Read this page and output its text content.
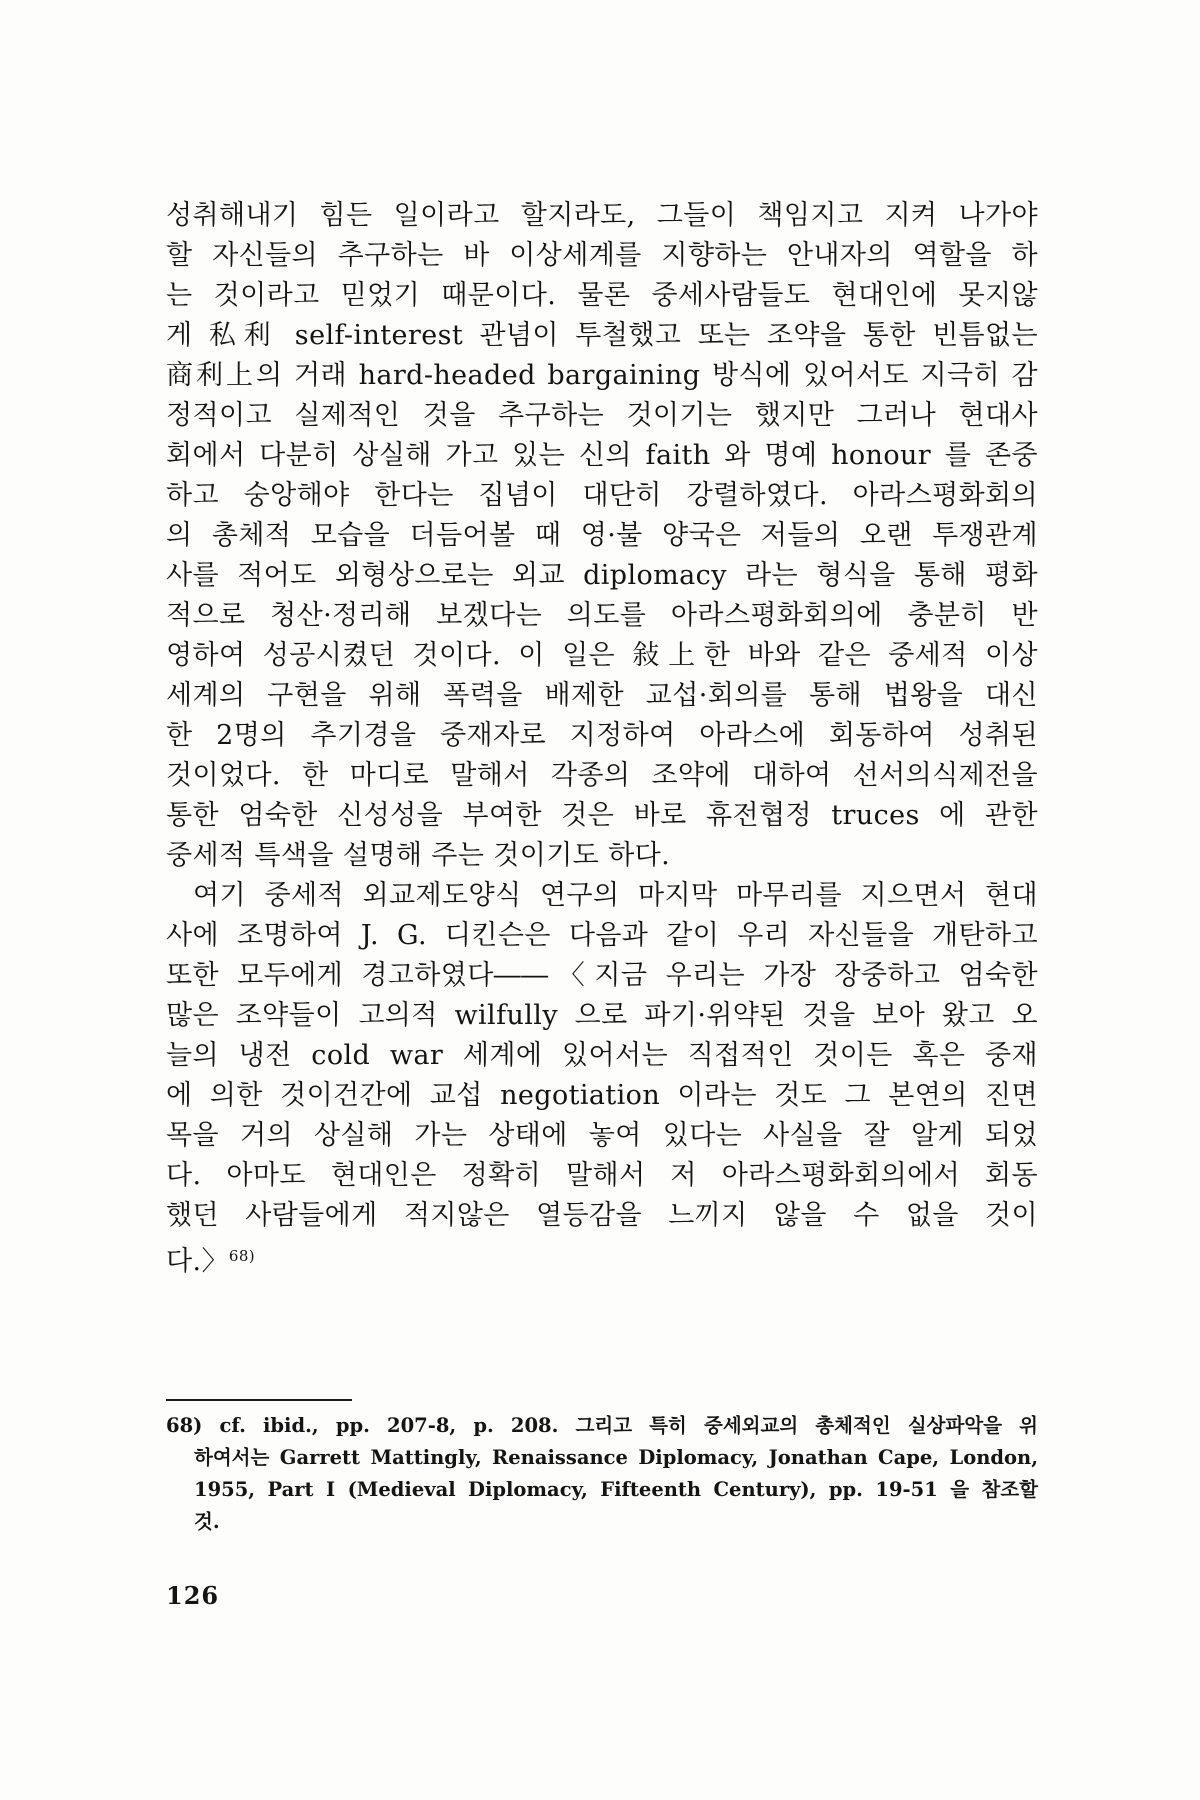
성취해내기 힘든 일이라고 할지라도, 그들이 책임지고 지켜 나가야
할 자신들의 추구하는 바 이상세계를 지향하는 안내자의 역할을 하
는 것이라고 믿었기 때문이다. 물론 중세사람들도 현대인에 못지않
게 私利 self-interest 관념이 투철했고 또는 조약을 통한 빈틈없는
商利上의 거래 hard-headed bargaining 방식에 있어서도 지극히 감
정적이고 실제적인 것을 추구하는 것이기는 했지만 그러나 현대사
회에서 다분히 상실해 가고 있는 신의 faith 와 명예 honour 를 존중
하고 숭앙해야 한다는 집념이 대단히 강렬하였다. 아라스평화회의
의 총체적 모습을 더듬어볼 때 영·불 양국은 저들의 오랜 투쟁관계
사를 적어도 외형상으로는 외교 diplomacy 라는 형식을 통해 평화
적으로 청산·정리해 보겠다는 의도를 아라스평화회의에 충분히 반
영하여 성공시켰던 것이다. 이 일은 敍上한 바와 같은 중세적 이상
세계의 구현을 위해 폭력을 배제한 교섭·회의를 통해 법왕을 대신
한 2명의 추기경을 중재자로 지정하여 아라스에 회동하여 성취된
것이었다. 한 마디로 말해서 각종의 조약에 대하여 선서의식제전을
통한 엄숙한 신성성을 부여한 것은 바로 휴전협정 truces 에 관한
중세적 특색을 설명해 주는 것이기도 하다.
여기 중세적 외교제도양식 연구의 마지막 마무리를 지으면서 현대
사에 조명하여 J. G. 디킨슨은 다음과 같이 우리 자신들을 개탄하고
또한 모두에게 경고하였다――〈지금 우리는 가장 장중하고 엄숙한
많은 조약들이 고의적 wilfully 으로 파기·위약된 것을 보아 왔고 오
늘의 냉전 cold war 세계에 있어서는 직접적인 것이든 혹은 중재
에 의한 것이건간에 교섭 negotiation 이라는 것도 그 본연의 진면
목을 거의 상실해 가는 상태에 놓여 있다는 사실을 잘 알게 되었
다. 아마도 현대인은 정확히 말해서 저 아라스평화회의에서 회동
했던 사람들에게 적지않은 열등감을 느끼지 않을 수 없을 것이
다.〉$^{68)}$
68) cf. ibid., pp. 207-8, p. 208. 그리고 특히 중세외교의 총체적인 실상파악을 위
하여서는 Garrett Mattingly, Renaissance Diplomacy, Jonathan Cape, London,
1955, Part I (Medieval Diplomacy, Fifteenth Century), pp. 19-51 을 참조할
것.
126
